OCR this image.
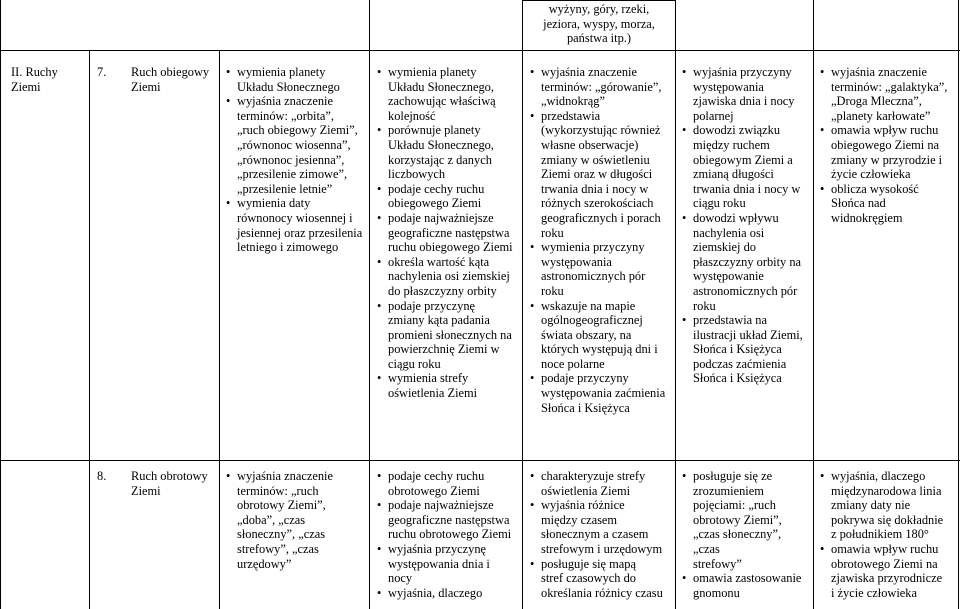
wyżyny, góry, rzeki,
jeziora, wyspy, morza,
państwa itp.)
II. Ruchy
Ziemi
7. Ruch obiegowy
Ziemi
• wymienia planety
Układu Słonecznego
• wyjaśnia znaczenie
terminów: „orbita”,
„ruch obiegowy Ziemi”,
„równonoc wiosenna”,
„równonoc jesienna”,
„przesilenie zimowe”,
„przesilenie letnie”
• wymienia daty
równonocy wiosennej i
jesiennej oraz przesilenia
letniego i zimowego
• wymienia planety
Układu Słonecznego,
zachowując właściwą
kolejność
• porównuje planety
Układu Słonecznego,
korzystając z danych
liczbowych
• podaje cechy ruchu
obiegowego Ziemi
• podaje najważniejsze
geograficzne następstwa
ruchu obiegowego Ziemi
• określa wartość kąta
nachylenia osi ziemskiej
do płaszczyzny orbity
• podaje przyczynę
zmiany kąta padania
promieni słonecznych na
powierzchnię Ziemi w
ciągu roku
• wymienia strefy
oświetlenia Ziemi
• wyjaśnia znaczenie
terminów: „górowanie”,
„widnokrąg”
• przedstawia
(wykorzystując również
własne obserwacje)
zmiany w oświetleniu
Ziemi oraz w długości
trwania dnia i nocy w
różnych szerokościach
geograficznych i porach
roku
• wymienia przyczyny
występowania
astronomicznych pór
roku
• wskazuje na mapie
ogólnogeograficznej
świata obszary, na
których występują dni i
noce polarne
• podaje przyczyny
występowania zaćmienia
Słońca i Księżyca
• wyjaśnia przyczyny
występowania
zjawiska dnia i nocy
polarnej
• dowodzi związku
między ruchem
obiegowym Ziemi a
zmianą długości
trwania dnia i nocy w
ciągu roku
• dowodzi wpływu
nachylenia osi
ziemskiej do
płaszczyzny orbity na
występowanie
astronomicznych pór
roku
• przedstawia na
ilustracji układ Ziemi,
Słońca i Księżyca
podczas zaćmienia
Słońca i Księżyca
• wyjaśnia znaczenie
terminów: „galaktyka”,
„Droga Mleczna”,
„planety karłowate”
• omawia wpływ ruchu
obiegowego Ziemi na
zmiany w przyrodzie i
życie człowieka
• oblicza wysokość
Słońca nad
widnokręgiem
8. Ruch obrotowy
Ziemi
• wyjaśnia znaczenie
terminów: „ruch
obrotowy Ziemi”,
„doba”, „czas
słoneczny”, „czas
strefowy”, „czas
urzędowy”
• podaje cechy ruchu
obrotowego Ziemi
• podaje najważniejsze
geograficzne następstwa
ruchu obrotowego Ziemi
• wyjaśnia przyczynę
występowania dnia i
nocy
• wyjaśnia, dlaczego
• charakteryzuje strefy
oświetlenia Ziemi
• wyjaśnia różnice
między czasem
słonecznym a czasem
strefowym i urzędowym
• posługuje się mapą
stref czasowych do
określania różnicy czasu
• posługuje się ze
zrozumieniem
pojęciami: „ruch
obrotowy Ziemi”,
„czas słoneczny”,
„czas
strefowy”
• omawia zastosowanie
gnomonu
• wyjaśnia, dlaczego
międzynarodowa linia
zmiany daty nie
pokrywa się dokładnie
z południkiem 180°
• omawia wpływ ruchu
obrotowego Ziemi na
zjawiska przyrodnicze
i życie człowieka
